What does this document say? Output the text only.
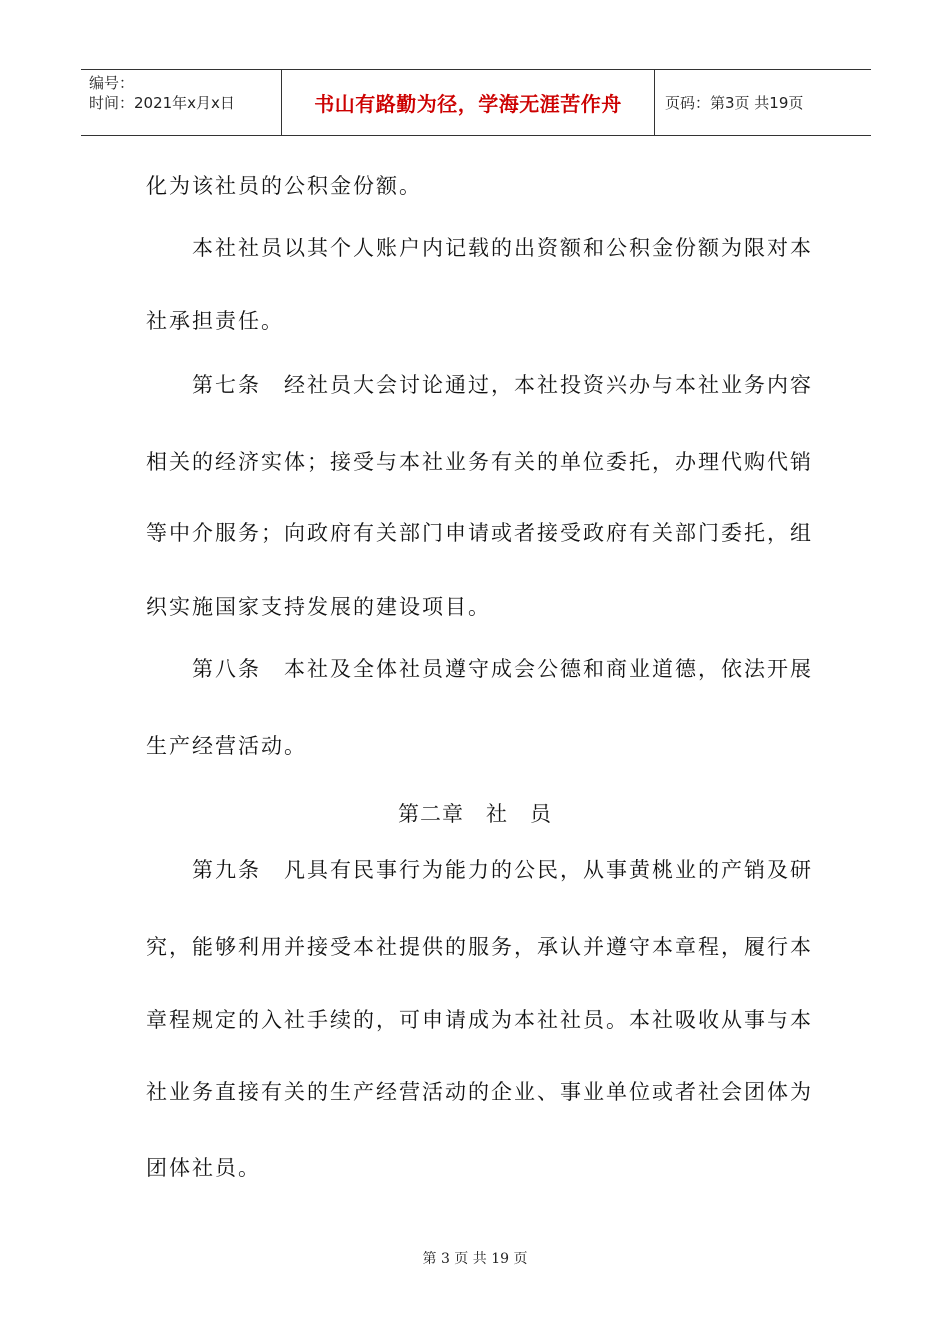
编号：
时间：2021年x月x日	书山有路勤为径，学海无涯苦作舟	页码：第3页 共19页
化为该社员的公积金份额。
　　本社社员以其个人账户内记载的出资额和公积金份额为限对本
社承担责任。
　　第七条　经社员大会讨论通过，本社投资兴办与本社业务内容
相关的经济实体；接受与本社业务有关的单位委托，办理代购代销
等中介服务；向政府有关部门申请或者接受政府有关部门委托，组
织实施国家支持发展的建设项目。
　　第八条　本社及全体社员遵守成会公德和商业道德，依法开展
生产经营活动。
第二章　社　员
　　第九条　凡具有民事行为能力的公民，从事黄桃业的产销及研
究，能够利用并接受本社提供的服务，承认并遵守本章程，履行本
章程规定的入社手续的，可申请成为本社社员。本社吸收从事与本
社业务直接有关的生产经营活动的企业、事业单位或者社会团体为
团体社员。
第 3 页 共 19 页
